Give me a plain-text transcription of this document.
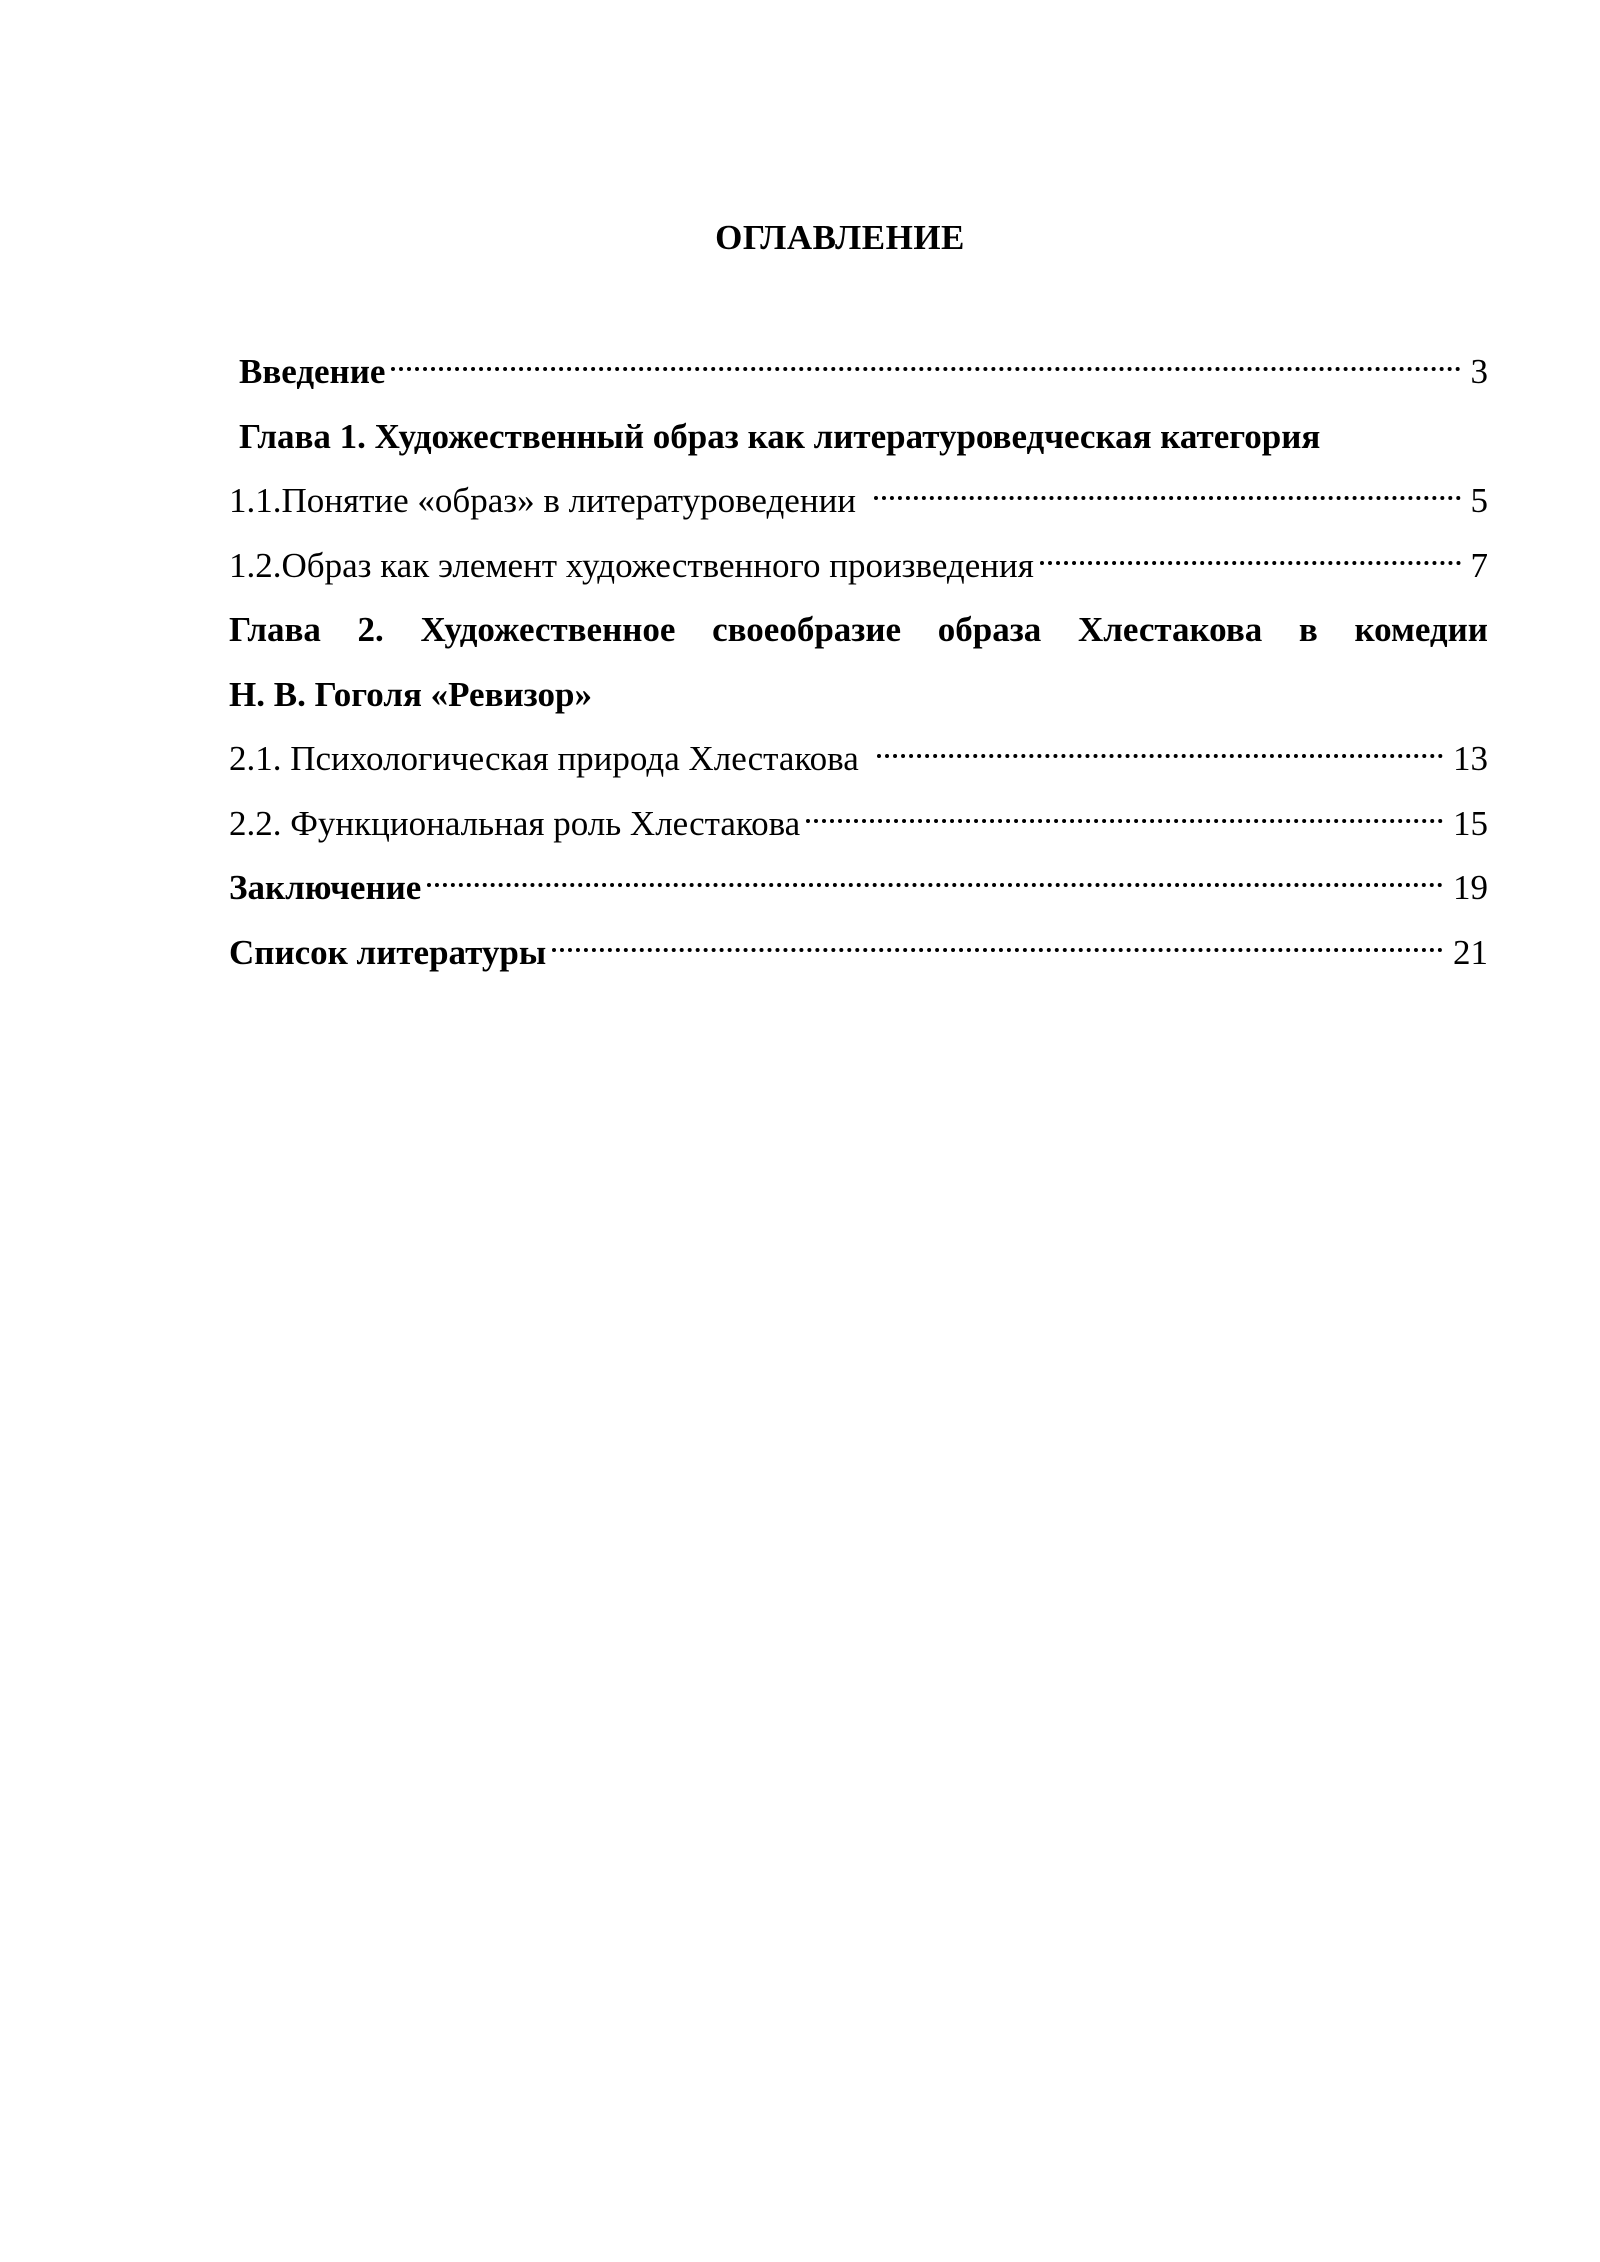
ОГЛАВЛЕНИЕ
Введение	3
Глава 1. Художественный образ как литературоведческая категория
1.1.Понятие «образ» в литературоведении	5
1.2.Образ как элемент художественного произведения	7
Глава 2. Художественное своеобразие образа Хлестакова в комедии
Н. В. Гоголя «Ревизор»
2.1. Психологическая природа Хлестакова	13
2.2. Функциональная роль Хлестакова	15
Заключение	19
Список литературы	21
